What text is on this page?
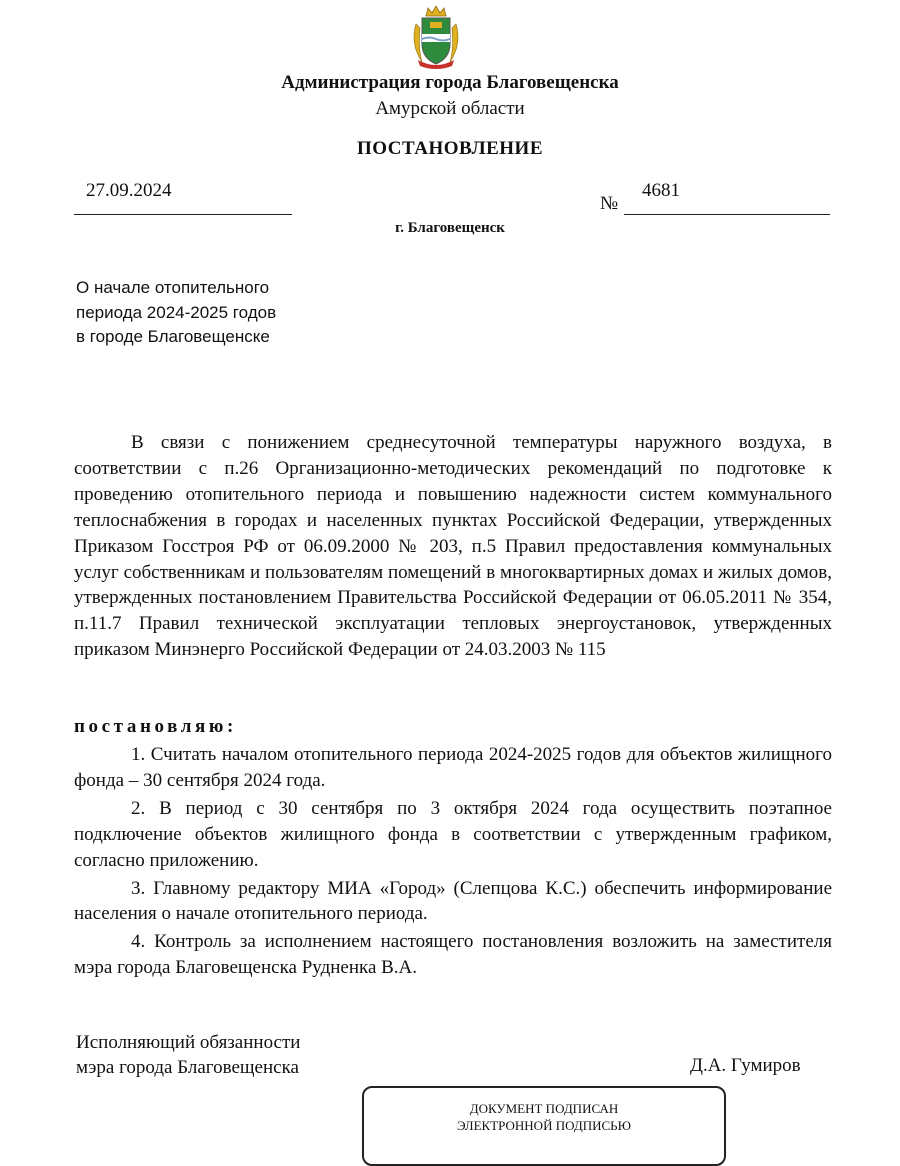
Администрация города Благовещенска
Амурской области
ПОСТАНОВЛЕНИЕ
27.09.2024
№
4681
г. Благовещенск
О начале отопительного
периода 2024-2025 годов
в городе Благовещенске

В связи с понижением среднесуточной температуры наружного воздуха, в соответствии с п.26 Организационно-методических рекомендаций по подготовке к проведению отопительного периода и повышению надежности систем коммунального теплоснабжения в городах и населенных пунктах Российской Федерации, утвержденных Приказом Госстроя РФ от 06.09.2000 № 203, п.5 Правил предоставления коммунальных услуг собственникам и пользователям помещений в многоквартирных домах и жилых домов, утвержденных постановлением Правительства Российской Федерации от 06.05.2011 № 354, п.11.7 Правил технической эксплуатации тепловых энергоустановок, утвержденных приказом Минэнерго Российской Федерации от 24.03.2003 № 115

постановляю:

1. Считать началом отопительного периода 2024-2025 годов для объектов жилищного фонда – 30 сентября 2024 года.

2. В период с 30 сентября по 3 октября 2024 года осуществить поэтапное подключение объектов жилищного фонда в соответствии с утвержденным графиком, согласно приложению.

3. Главному редактору МИА «Город» (Слепцова К.С.) обеспечить информирование населения о начале отопительного периода.

4. Контроль за исполнением настоящего постановления возложить на заместителя мэра города Благовещенска Рудненка В.А.

Исполняющий обязанности
мэра города Благовещенска	Д.А. Гумиров
ДОКУМЕНТ ПОДПИСАН
ЭЛЕКТРОННОЙ ПОДПИСЬЮ
